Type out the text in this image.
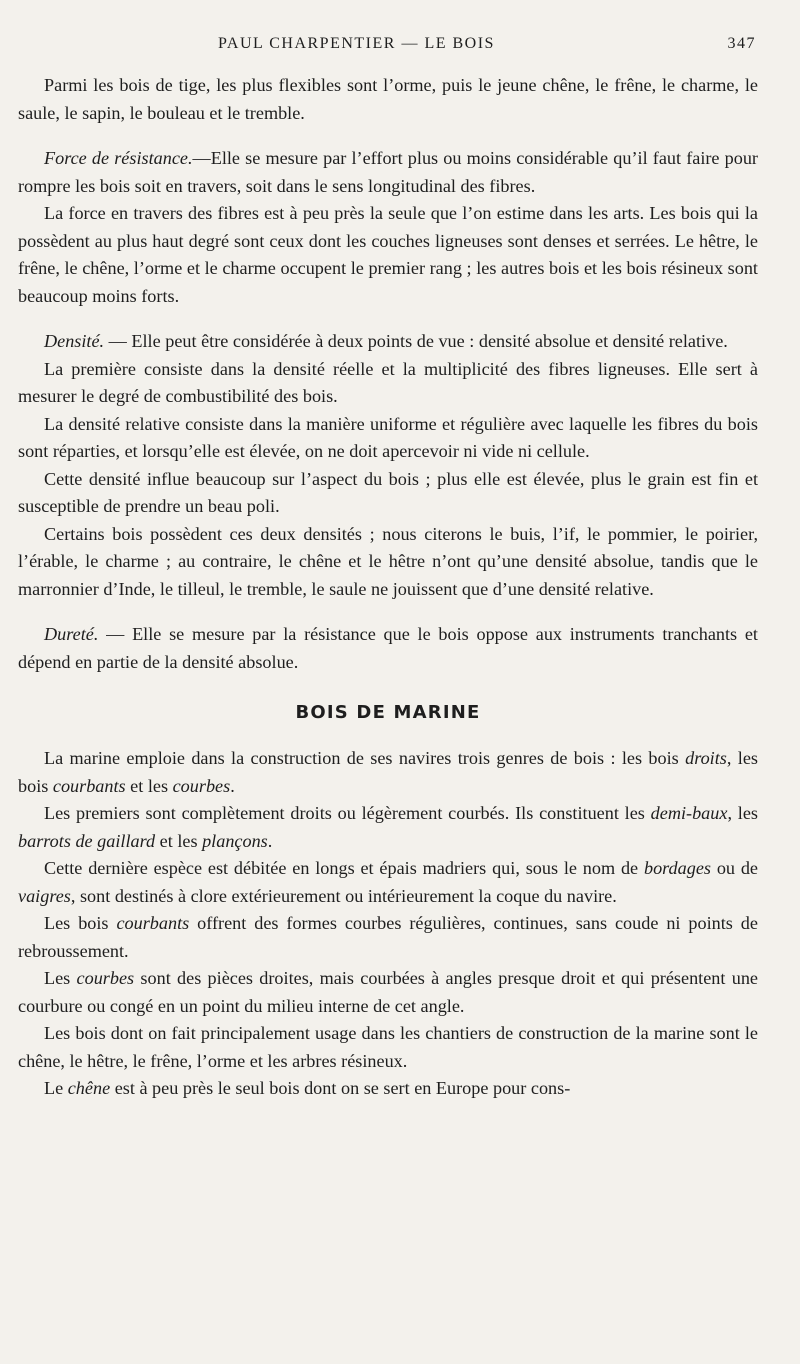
PAUL CHARPENTIER — LE BOIS	347

Parmi les bois de tige, les plus flexibles sont l’orme, puis le jeune chêne, le frêne, le charme, le saule, le sapin, le bouleau et le tremble.

Force de résistance.—Elle se mesure par l’effort plus ou moins considérable qu’il faut faire pour rompre les bois soit en travers, soit dans le sens longitudinal des fibres.

La force en travers des fibres est à peu près la seule que l’on estime dans les arts. Les bois qui la possèdent au plus haut degré sont ceux dont les couches ligneuses sont denses et serrées. Le hêtre, le frêne, le chêne, l’orme et le charme occupent le premier rang ; les autres bois et les bois résineux sont beaucoup moins forts.

Densité. — Elle peut être considérée à deux points de vue : densité absolue et densité relative.

La première consiste dans la densité réelle et la multiplicité des fibres ligneuses. Elle sert à mesurer le degré de combustibilité des bois.

La densité relative consiste dans la manière uniforme et régulière avec laquelle les fibres du bois sont réparties, et lorsqu’elle est élevée, on ne doit apercevoir ni vide ni cellule.

Cette densité influe beaucoup sur l’aspect du bois ; plus elle est élevée, plus le grain est fin et susceptible de prendre un beau poli.

Certains bois possèdent ces deux densités ; nous citerons le buis, l’if, le pommier, le poirier, l’érable, le charme ; au contraire, le chêne et le hêtre n’ont qu’une densité absolue, tandis que le marronnier d’Inde, le tilleul, le tremble, le saule ne jouissent que d’une densité relative.

Dureté. — Elle se mesure par la résistance que le bois oppose aux instruments tranchants et dépend en partie de la densité absolue.

BOIS DE MARINE

La marine emploie dans la construction de ses navires trois genres de bois : les bois droits, les bois courbants et les courbes.

Les premiers sont complètement droits ou légèrement courbés. Ils constituent les demi-baux, les barrots de gaillard et les plançons.

Cette dernière espèce est débitée en longs et épais madriers qui, sous le nom de bordages ou de vaigres, sont destinés à clore extérieurement ou intérieurement la coque du navire.

Les bois courbants offrent des formes courbes régulières, continues, sans coude ni points de rebroussement.

Les courbes sont des pièces droites, mais courbées à angles presque droit et qui présentent une courbure ou congé en un point du milieu interne de cet angle.

Les bois dont on fait principalement usage dans les chantiers de construction de la marine sont le chêne, le hêtre, le frêne, l’orme et les arbres résineux.

Le chêne est à peu près le seul bois dont on se sert en Europe pour cons-
